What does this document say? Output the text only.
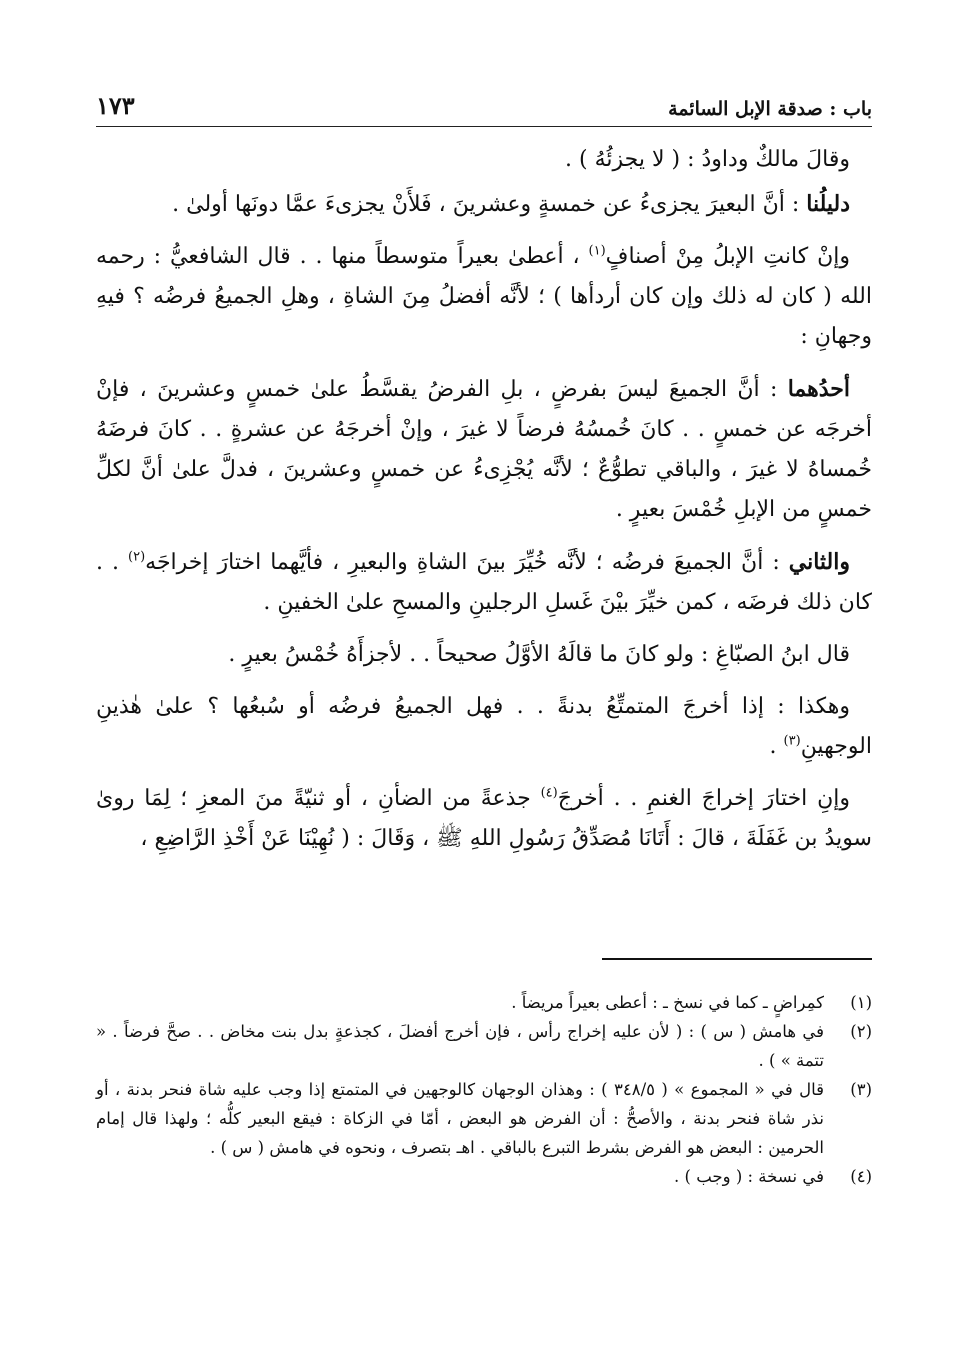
باب : صدقة الإبل السائمة
١٧٣

وقالَ مالكٌ وداودُ : ( لا يجزئُهُ ) .

دليلُنا : أنَّ البعيرَ يجزىءُ عن خمسةٍ وعشرينَ ، فَلأَنْ يجزىءَ عمَّا دونَها أولىٰ .

وإنْ كانتِ الإبلُ مِنْ أصنافٍ$^{(١)}$ ، أعطىٰ بعيراً متوسطاً منها . . قال الشافعيُّ : رحمه الله ( كان له ذلك وإن كان أردأها ) ؛ لأنَّه أفضلُ مِنَ الشاةِ ، وهلِ الجميعُ فرضُه ؟ فيهِ وجهانِ :

أحدُهما : أنَّ الجميعَ ليسَ بفرضٍ ، بلِ الفرضُ يقسَّطُ علىٰ خمسٍ وعشرينَ ، فإنْ أخرجَه عن خمسٍ . . كانَ خُمسُهُ فرضاً لا غيرَ ، وإنْ أخرجَهُ عن عشرةٍ . . كانَ فرضَهُ خُمساهُ لا غيرَ ، والباقي تطوُّعٌ ؛ لأنَّه يُجْزِىءُ عن خمسٍ وعشرينَ ، فدلَّ علىٰ أنَّ لكلِّ خمسٍ من الإبلِ خُمْسَ بعيرٍ .

والثاني : أنَّ الجميعَ فرضُه ؛ لأنَّه خُيِّرَ بينَ الشاةِ والبعيرِ ، فأيَّهما اختارَ إخراجَه$^{(٢)}$ . . كان ذلك فرضَه ، كمن خيِّرَ بيْنَ غَسلِ الرجلينِ والمسحِ علىٰ الخفينِ .

قال ابنُ الصبّاغِ : ولو كانَ ما قالَهُ الأوَّلُ صحيحاً . . لأجزأَهُ خُمْسُ بعيرٍ .

وهكذا : إذا أخرجَ المتمتِّعُ بدنةً . . فهل الجميعُ فرضُه أو سُبعُها ؟ علىٰ هٰذينِ الوجهينِ$^{(٣)}$ .

وإنِ اختارَ إخراجَ الغنمِ . . أخرجَ$^{(٤)}$ جذعةً من الضأنِ ، أو ثنيّةً منَ المعزِ ؛ لِمَا روىٰ سويدُ بن غَفَلَةَ ، قالَ : أَتَانَا مُصَدِّقُ رَسُولِ اللهِ ﷺ ، وَقَالَ : ( نُهِيْنَا عَنْ أَخْذِ الرَّاضِعِ ،

(١)
كمِراضٍ ـ كما في نسخ ـ : أعطى بعيراً مريضاً .
(٢)
في هامش ( س ) : ( لأن عليه إخراج رأس ، فإن أخرج أفضلَ ، كجذعةٍ بدل بنت مخاض . . صحَّ فرضاً . « تتمة » ) .
(٣)
قال في « المجموع » ( ٣٤٨/٥ ) : وهذان الوجهان كالوجهين في المتمتع إذا وجب عليه شاة فنحر بدنة ، أو نذر شاة فنحر بدنة ، والأصحُّ : أن الفرض هو البعض ، أمّا في الزكاة : فيقع البعير كلُّه ؛ ولهذا قال إمام الحرمين : البعض هو الفرض بشرط التبرع بالباقي . اهـ بتصرف ، ونحوه في هامش ( س ) .
(٤)
في نسخة : ( وجب ) .
